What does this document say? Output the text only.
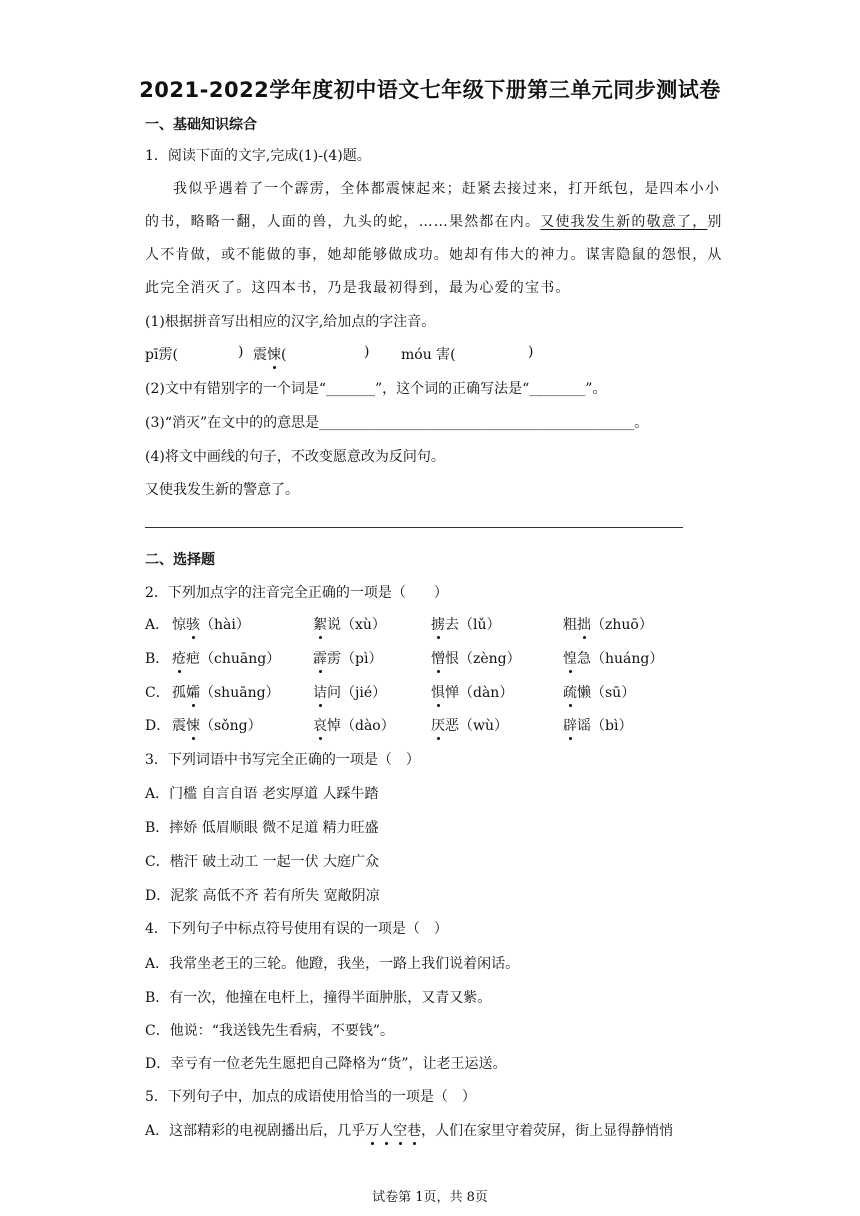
2021-2022学年度初中语文七年级下册第三单元同步测试卷
一、基础知识综合
1．阅读下面的文字,完成(1)-(4)题。
我似乎遇着了一个霹雳，全体都震悚起来；赶紧去接过来，打开纸包，是四本小小
的书，略略一翻，人面的兽，九头的蛇，……果然都在内。又使我发生新的敬意了，别
人不肯做，或不能做的事，她却能够做成功。她却有伟大的神力。谋害隐鼠的怨恨，从
此完全消灭了。这四本书，乃是我最初得到，最为心爱的宝书。
(1)根据拼音写出相应的汉字,给加点的字注音。
pī雳(	) 震悚(	) móu 害(	)
(2)文中有错别字的一个词是“_______”，这个词的正确写法是“________”。
(3)“消灭”在文中的的意思是_____________________________________________。
(4)将文中画线的句子，不改变愿意改为反问句。
又使我发生新的警意了。
二、选择题
2．下列加点字的注音完全正确的一项是（　　）
A． 惊骇（hài）	絮说（xù）	掳去（lǔ）	粗拙（zhuō）
B． 疮疤（chuāng） 霹雳（pì）	憎恨（zèng）	惶急（huáng）
C． 孤孀（shuāng） 诘问（jié）	惧惮（dàn）	疏懒（sū）
D． 震悚（sǒng）	哀悼（dào）	厌恶（wù）	辟谣（bì）
3．下列词语中书写完全正确的一项是（　）
A．门槛 自言自语 老实厚道 人踩牛踏
B．摔娇 低眉顺眼 微不足道 精力旺盛
C．楷汗 破土动工 一起一伏 大庭广众
D．泥浆 高低不齐 若有所失 宽敞阴凉
4．下列句子中标点符号使用有误的一项是（　）
A．我常坐老王的三轮。他蹬，我坐，一路上我们说着闲话。
B．有一次，他撞在电杆上，撞得半面肿胀，又青又紫。
C．他说：“我送钱先生看病，不要钱”。
D．幸亏有一位老先生愿把自己降格为“货”，让老王运送。
5．下列句子中，加点的成语使用恰当的一项是（　）
A．这部精彩的电视剧播出后，几乎万人空巷，人们在家里守着荧屏，街上显得静悄悄
试卷第 1页，共 8页
